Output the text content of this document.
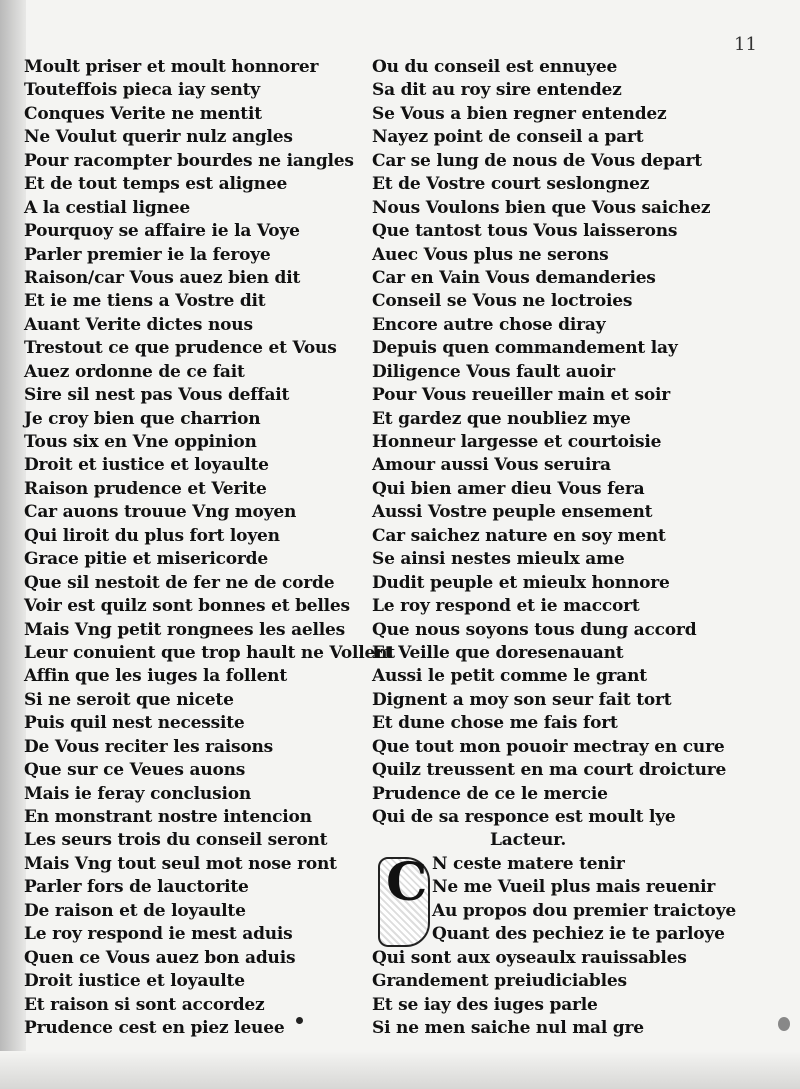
11
Moult priser et moult honnorer
Touteffois pieca iay senty
Conques Verite ne mentit
Ne Voulut querir nulz angles
Pour racompter bourdes ne iangles
Et de tout temps est alignee
A la cestial lignee
Pourquoy se affaire ie la Voye
Parler premier ie la feroye
Raison/car Vous auez bien dit
Et ie me tiens a Vostre dit
Auant Verite dictes nous
Trestout ce que prudence et Vous
Auez ordonne de ce fait
Sire sil nest pas Vous deffait
Je croy bien que charrion
Tous six en Vne oppinion
Droit et iustice et loyaulte
Raison prudence et Verite
Car auons trouue Vng moyen
Qui liroit du plus fort loyen
Grace pitie et misericorde
Que sil nestoit de fer ne de corde
Voir est quilz sont bonnes et belles
Mais Vng petit rongnees les aelles
Leur conuient que trop hault ne Vollent
Affin que les iuges la follent
Si ne seroit que nicete
Puis quil nest necessite
De Vous reciter les raisons
Que sur ce Veues auons
Mais ie feray conclusion
En monstrant nostre intencion
Les seurs trois du conseil seront
Mais Vng tout seul mot nose ront
Parler fors de lauctorite
De raison et de loyaulte
Le roy respond ie mest aduis
Quen ce Vous auez bon aduis
Droit iustice et loyaulte
Et raison si sont accordez
Prudence cest en piez leuee
Ou du conseil est ennuyee
Sa dit au roy sire entendez
Se Vous a bien regner entendez
Nayez point de conseil a part
Car se lung de nous de Vous depart
Et de Vostre court seslongnez
Nous Voulons bien que Vous saichez
Que tantost tous Vous laisserons
Auec Vous plus ne serons
Car en Vain Vous demanderies
Conseil se Vous ne loctroies
Encore autre chose diray
Depuis quen commandement lay
Diligence Vous fault auoir
Pour Vous reueiller main et soir
Et gardez que noubliez mye
Honneur largesse et courtoisie
Amour aussi Vous seruira
Qui bien amer dieu Vous fera
Aussi Vostre peuple ensement
Car saichez nature en soy ment
Se ainsi nestes mieulx ame
Dudit peuple et mieulx honnore
Le roy respond et ie maccort
Que nous soyons tous dung accord
Et Veille que doresenauant
Aussi le petit comme le grant
Dignent a moy son seur fait tort
Et dune chose me fais fort
Que tout mon pouoir mectray en cure
Quilz treussent en ma court droicture
Prudence de ce le mercie
Qui de sa responce est moult lye
Lacteur.
C N ceste matere tenir
Ne me Vueil plus mais reuenir
Au propos dou premier traictoye
Quant des pechiez ie te parloye
Qui sont aux oyseaulx rauissables
Grandement preiudiciables
Et se iay des iuges parle
Si ne men saiche nul mal gre
